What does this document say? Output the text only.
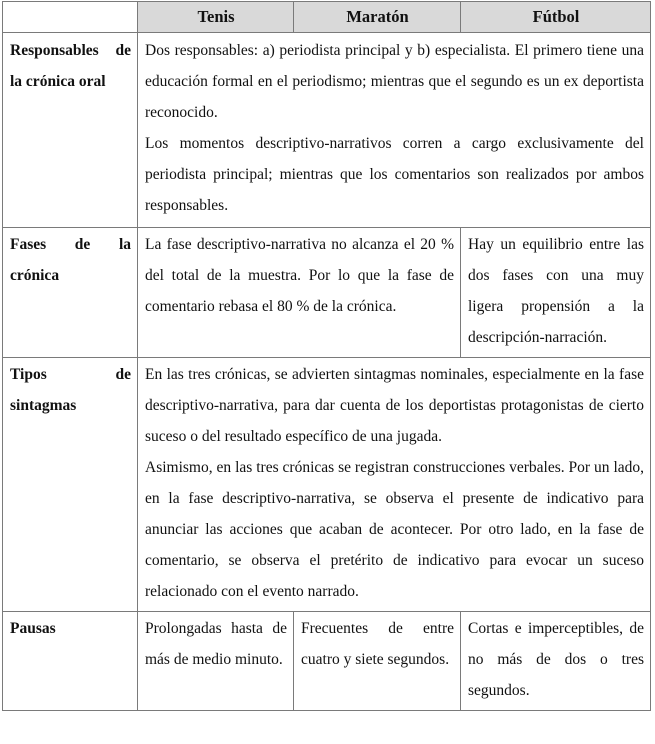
	Tenis	Maratón	Fútbol

Responsables de la crónica oral	Dos responsables: a) periodista principal y b) especialista. El primero tiene una educación formal en el periodismo; mientras que el segundo es un ex deportista reconocido.

Los momentos descriptivo-narrativos corren a cargo exclusivamente del periodista principal; mientras que los comentarios son realizados por ambos responsables.		

Fases de la crónica	La fase descriptivo-narrativa no alcanza el 20 % del total de la muestra. Por lo que la fase de comentario rebasa el 80 % de la crónica.		Hay un equilibrio entre las dos fases con una muy ligera propensión a la descripción-narración.

Tipos de sintagmas	En las tres crónicas, se advierten sintagmas nominales, especialmente en la fase descriptivo-narrativa, para dar cuenta de los deportistas protagonistas de cierto suceso o del resultado específico de una jugada.

Asimismo, en las tres crónicas se registran construcciones verbales. Por un lado, en la fase descriptivo-narrativa, se observa el presente de indicativo para anunciar las acciones que acaban de acontecer. Por otro lado, en la fase de comentario, se observa el pretérito de indicativo para evocar un suceso relacionado con el evento narrado.		

Pausas	Prolongadas hasta de más de medio minuto.	Frecuentes de entre cuatro y siete segundos.	Cortas e imperceptibles, de no más de dos o tres segundos.
